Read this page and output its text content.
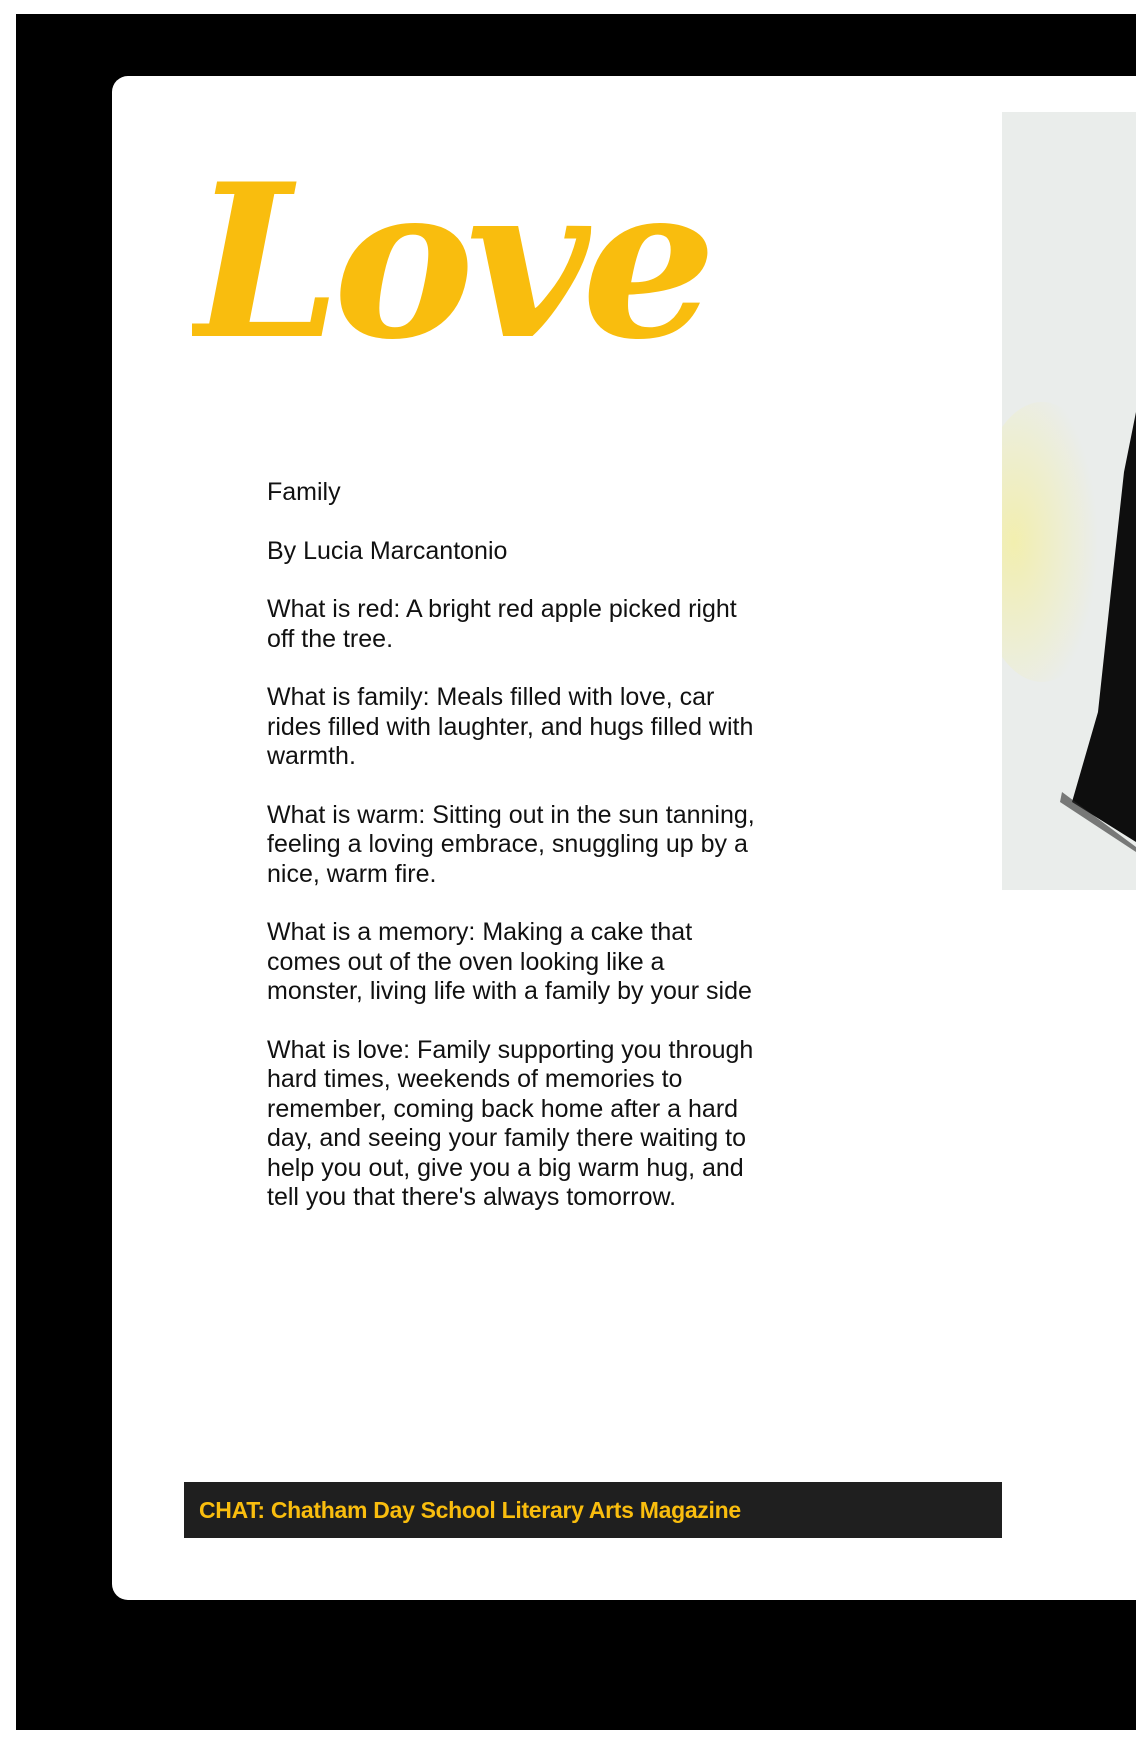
Love

Family

By Lucia Marcantonio

What is red: A bright red apple picked right off the tree.

What is family: Meals filled with love, car rides filled with laughter, and hugs filled with warmth.

What is warm: Sitting out in the sun tanning, feeling a loving embrace, snuggling up by a nice, warm fire.

What is a memory: Making a cake that comes out of the oven looking like a monster, living life with a family by your side

What is love: Family supporting you through hard times, weekends of memories to remember, coming back home after a hard day, and seeing your family there waiting to help you out, give you a big warm hug, and tell you that there's always tomorrow.

CHAT: Chatham Day School Literary Arts Magazine
